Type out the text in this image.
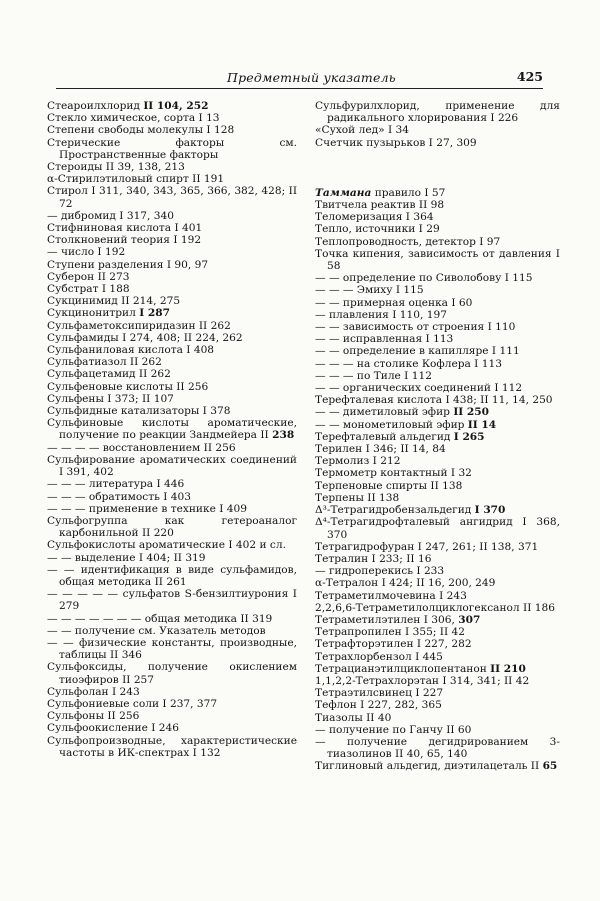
Предметный указатель	425
Стеароилхлорид II 104, 252
Стекло химическое, сорта I 13
Степени свободы молекулы I 128
Стерические факторы см. Пространственные факторы
Стероиды II 39, 138, 213
α-Стирилэтиловый спирт II 191
Стирол I 311, 340, 343, 365, 366, 382, 428; II 72
— дибромид I 317, 340
Стифниновая кислота I 401
Столкновений теория I 192
— число I 192
Ступени разделения I 90, 97
Суберон II 273
Субстрат I 188
Сукцинимид II 214, 275
Сукцинонитрил I 287
Сульфаметоксипиридазин II 262
Сульфамиды I 274, 408; II 224, 262
Сульфаниловая кислота I 408
Сульфатиазол II 262
Сульфацетамид II 262
Сульфеновые кислоты II 256
Сульфены I 373; II 107
Сульфидные катализаторы I 378
Сульфиновые кислоты ароматические, получение по реакции Зандмейера II 238
— — — — восстановлением II 256
Сульфирование ароматических соединений I 391, 402
— — — литература I 446
— — — обратимость I 403
— — — применение в технике I 409
Сульфогруппа как гетероаналог карбонильной II 220
Сульфокислоты ароматические I 402 и сл.
— — выделение I 404; II 319
— — идентификация в виде сульфамидов, общая методика II 261
— — — — — сульфатов S-бензилтиурония I 279
— — — — — — — общая методика II 319
— — получение см. Указатель методов
— — физические константы, производные, таблицы II 346
Сульфоксиды, получение окислением тиоэфиров II 257
Сульфолан I 243
Сульфониевые соли I 237, 377
Сульфоны II 256
Сульфоокисление I 246
Сульфопроизводные, характеристические частоты в ИК-спектрах I 132
Сульфурилхлорид, применение для радикального хлорирования I 226
«Сухой лед» I 34
Счетчик пузырьков I 27, 309
Таммана правило I 57
Твитчела реактив II 98
Теломеризация I 364
Тепло, источники I 29
Теплопроводность, детектор I 97
Точка кипения, зависимость от давления I 58
— — определение по Сиволобову I 115
— — — Эмиху I 115
— — примерная оценка I 60
— плавления I 110, 197
— — зависимость от строения I 110
— — исправленная I 113
— — определение в капилляре I 111
— — — на столике Кофлера I 113
— — — по Тиле I 112
— — органических соединений I 112
Терефталевая кислота I 438; II 11, 14, 250
— — диметиловый эфир II 250
— — монометиловый эфир II 14
Терефталевый альдегид I 265
Терилен I 346; II 14, 84
Термолиз I 212
Термометр контактный I 32
Терпеновые спирты II 138
Терпены II 138
Δ³-Тетрагидробензальдегид I 370
Δ⁴-Тетрагидрофталевый ангидрид I 368, 370
Тетрагидрофуран I 247, 261; II 138, 371
Тетралин I 233; II 16
— гидроперекись I 233
α-Тетралон I 424; II 16, 200, 249
Тетраметилмочевина I 243
2,2,6,6-Тетраметилолциклогексанол II 186
Тетраметилэтилен I 306, 307
Тетрапропилен I 355; II 42
Тетрафторэтилен I 227, 282
Тетрахлорбензол I 445
Тетрацианэтилциклопентанон II 210
1,1,2,2-Тетрахлорэтан I 314, 341; II 42
Тетраэтилсвинец I 227
Тефлон I 227, 282, 365
Тиазолы II 40
— получение по Ганчу II 60
— получение дегидрированием 3-тиазолинов II 40, 65, 140
Тиглиновый альдегид, диэтилацеталь II 65
